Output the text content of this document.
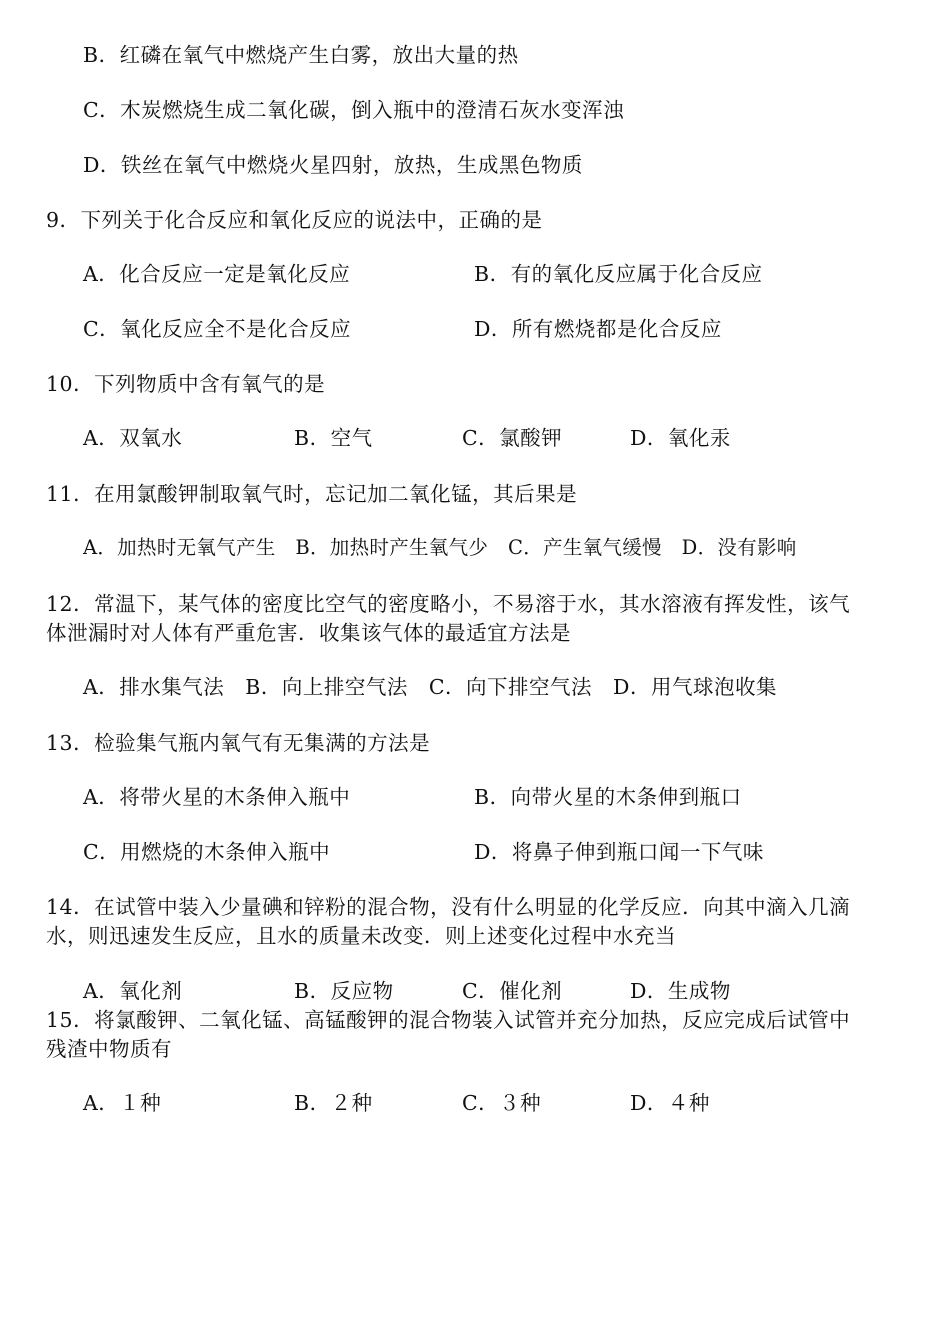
B．红磷在氧气中燃烧产生白雾，放出大量的热
C．木炭燃烧生成二氧化碳，倒入瓶中的澄清石灰水变浑浊
D．铁丝在氧气中燃烧火星四射，放热，生成黑色物质
9．下列关于化合反应和氧化反应的说法中，正确的是
A．化合反应一定是氧化反应	B．有的氧化反应属于化合反应
C．氧化反应全不是化合反应	D．所有燃烧都是化合反应
10．下列物质中含有氧气的是
A．双氧水	B．空气	C．氯酸钾	D．氧化汞
11．在用氯酸钾制取氧气时，忘记加二氧化锰，其后果是
A．加热时无氧气产生　B．加热时产生氧气少　C．产生氧气缓慢　D．没有影响
12．常温下，某气体的密度比空气的密度略小，不易溶于水，其水溶液有挥发性，该气
体泄漏时对人体有严重危害．收集该气体的最适宜方法是
A．排水集气法　B．向上排空气法　C．向下排空气法　D．用气球泡收集
13．检验集气瓶内氧气有无集满的方法是
A．将带火星的木条伸入瓶中	B．向带火星的木条伸到瓶口
C．用燃烧的木条伸入瓶中	D．将鼻子伸到瓶口闻一下气味
14．在试管中装入少量碘和锌粉的混合物，没有什么明显的化学反应．向其中滴入几滴
水，则迅速发生反应，且水的质量未改变．则上述变化过程中水充当
A．氧化剂	B．反应物	C．催化剂	D．生成物
15．将氯酸钾、二氧化锰、高锰酸钾的混合物装入试管并充分加热，反应完成后试管中
残渣中物质有
A．１种	B．２种	C．３种	D．４种
